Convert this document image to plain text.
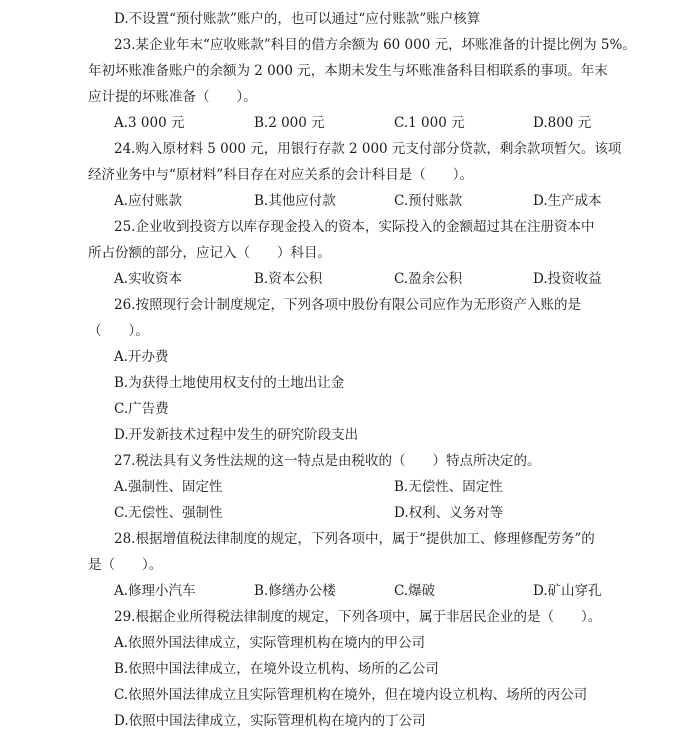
D.不设置“预付账款”账户的，也可以通过“应付账款”账户核算
23.某企业年末“应收账款”科目的借方余额为 60 000 元，坏账准备的计提比例为 5%。
年初坏账准备账户的余额为 2 000 元，本期未发生与坏账准备科目相联系的事项。年末
应计提的坏账准备（　　）。
A.3 000 元	B.2 000 元	C.1 000 元	D.800 元
24.购入原材料 5 000 元，用银行存款 2 000 元支付部分贷款，剩余款项暂欠。该项
经济业务中与“原材料”科目存在对应关系的会计科目是（　　）。
A.应付账款	B.其他应付款	C.预付账款	D.生产成本
25.企业收到投资方以库存现金投入的资本，实际投入的金额超过其在注册资本中
所占份额的部分，应记入（　　）科目。
A.实收资本	B.资本公积	C.盈余公积	D.投资收益
26.按照现行会计制度规定，下列各项中股份有限公司应作为无形资产入账的是
（　　）。
A.开办费
B.为获得土地使用权支付的土地出让金
C.广告费
D.开发新技术过程中发生的研究阶段支出
27.税法具有义务性法规的这一特点是由税收的（　　）特点所决定的。
A.强制性、固定性	B.无偿性、固定性
C.无偿性、强制性	D.权利、义务对等
28.根据增值税法律制度的规定，下列各项中，属于“提供加工、修理修配劳务”的
是（　　）。
A.修理小汽车	B.修缮办公楼	C.爆破	D.矿山穿孔
29.根据企业所得税法律制度的规定，下列各项中，属于非居民企业的是（　　）。
A.依照外国法律成立，实际管理机构在境内的甲公司
B.依照中国法律成立，在境外设立机构、场所的乙公司
C.依照外国法律成立且实际管理机构在境外，但在境内设立机构、场所的丙公司
D.依照中国法律成立，实际管理机构在境内的丁公司
